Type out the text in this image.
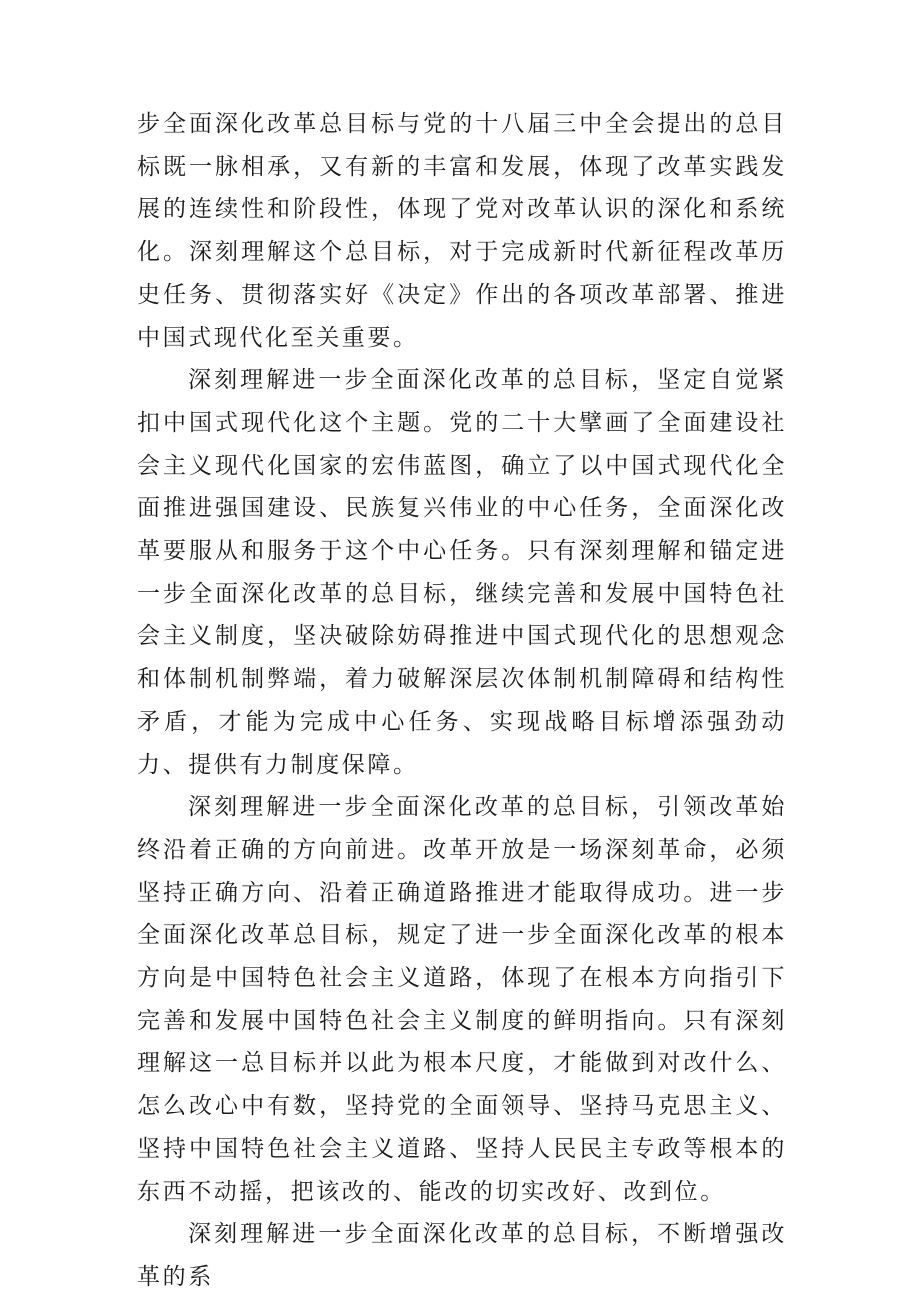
步全面深化改革总目标与党的十八届三中全会提出的总目标既一脉相承，又有新的丰富和发展，体现了改革实践发展的连续性和阶段性，体现了党对改革认识的深化和系统化。深刻理解这个总目标，对于完成新时代新征程改革历史任务、贯彻落实好《决定》作出的各项改革部署、推进中国式现代化至关重要。

深刻理解进一步全面深化改革的总目标，坚定自觉紧扣中国式现代化这个主题。党的二十大擘画了全面建设社会主义现代化国家的宏伟蓝图，确立了以中国式现代化全面推进强国建设、民族复兴伟业的中心任务，全面深化改革要服从和服务于这个中心任务。只有深刻理解和锚定进一步全面深化改革的总目标，继续完善和发展中国特色社会主义制度，坚决破除妨碍推进中国式现代化的思想观念和体制机制弊端，着力破解深层次体制机制障碍和结构性矛盾，才能为完成中心任务、实现战略目标增添强劲动力、提供有力制度保障。

深刻理解进一步全面深化改革的总目标，引领改革始终沿着正确的方向前进。改革开放是一场深刻革命，必须坚持正确方向、沿着正确道路推进才能取得成功。进一步全面深化改革总目标，规定了进一步全面深化改革的根本方向是中国特色社会主义道路，体现了在根本方向指引下完善和发展中国特色社会主义制度的鲜明指向。只有深刻理解这一总目标并以此为根本尺度，才能做到对改什么、怎么改心中有数，坚持党的全面领导、坚持马克思主义、坚持中国特色社会主义道路、坚持人民民主专政等根本的东西不动摇，把该改的、能改的切实改好、改到位。

深刻理解进一步全面深化改革的总目标，不断增强改革的系
